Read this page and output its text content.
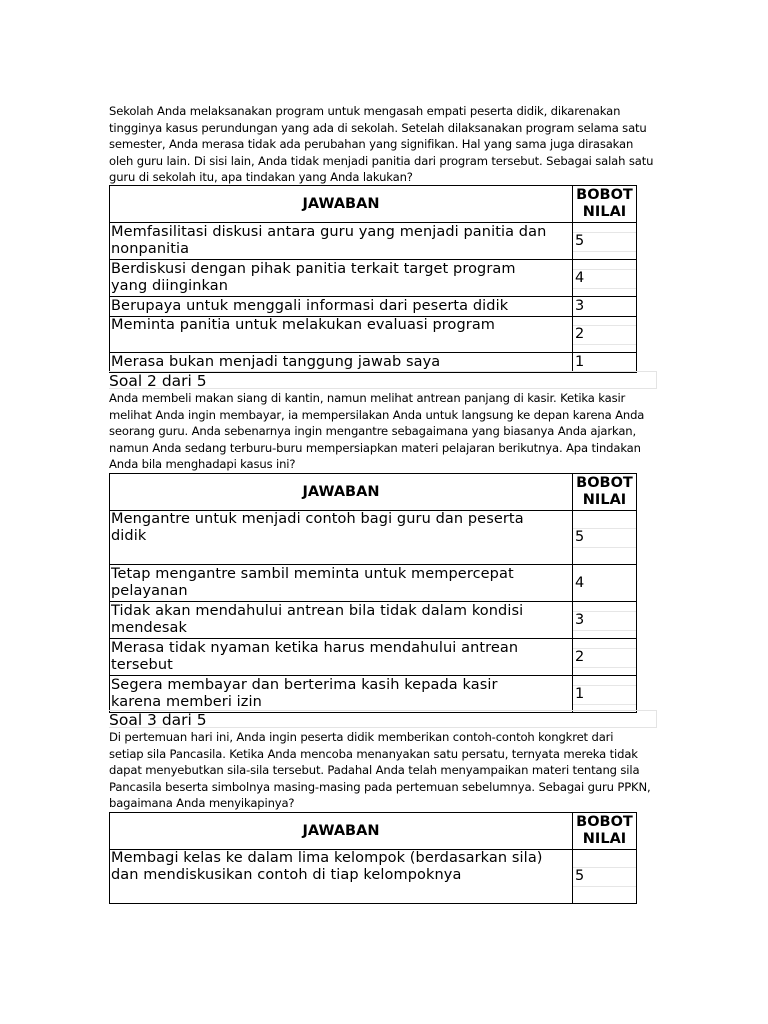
Sekolah Anda melaksanakan program untuk mengasah empati peserta didik, dikarenakan
tingginya kasus perundungan yang ada di sekolah. Setelah dilaksanakan program selama satu
semester, Anda merasa tidak ada perubahan yang signifikan. Hal yang sama juga dirasakan
oleh guru lain. Di sisi lain, Anda tidak menjadi panitia dari program tersebut. Sebagai salah satu
guru di sekolah itu, apa tindakan yang Anda lakukan?
JAWABAN	BOBOT
NILAI
Memfasilitasi diskusi antara guru yang menjadi panitia dan
nonpanitia	5
Berdiskusi dengan pihak panitia terkait target program
yang diinginkan	4
Berupaya untuk menggali informasi dari peserta didik	3
Meminta panitia untuk melakukan evaluasi program	2
Merasa bukan menjadi tanggung jawab saya	1
Soal 2 dari 5
Anda membeli makan siang di kantin, namun melihat antrean panjang di kasir. Ketika kasir
melihat Anda ingin membayar, ia mempersilakan Anda untuk langsung ke depan karena Anda
seorang guru. Anda sebenarnya ingin mengantre sebagaimana yang biasanya Anda ajarkan,
namun Anda sedang terburu-buru mempersiapkan materi pelajaran berikutnya. Apa tindakan
Anda bila menghadapi kasus ini?
JAWABAN	BOBOT
NILAI
Mengantre untuk menjadi contoh bagi guru dan peserta
didik	5
Tetap mengantre sambil meminta untuk mempercepat
pelayanan	4
Tidak akan mendahului antrean bila tidak dalam kondisi
mendesak	3
Merasa tidak nyaman ketika harus mendahului antrean
tersebut	2
Segera membayar dan berterima kasih kepada kasir
karena memberi izin	1
Soal 3 dari 5
Di pertemuan hari ini, Anda ingin peserta didik memberikan contoh-contoh kongkret dari
setiap sila Pancasila. Ketika Anda mencoba menanyakan satu persatu, ternyata mereka tidak
dapat menyebutkan sila-sila tersebut. Padahal Anda telah menyampaikan materi tentang sila
Pancasila beserta simbolnya masing-masing pada pertemuan sebelumnya. Sebagai guru PPKN,
bagaimana Anda menyikapinya?
JAWABAN	BOBOT
NILAI
Membagi kelas ke dalam lima kelompok (berdasarkan sila)
dan mendiskusikan contoh di tiap kelompoknya	5
